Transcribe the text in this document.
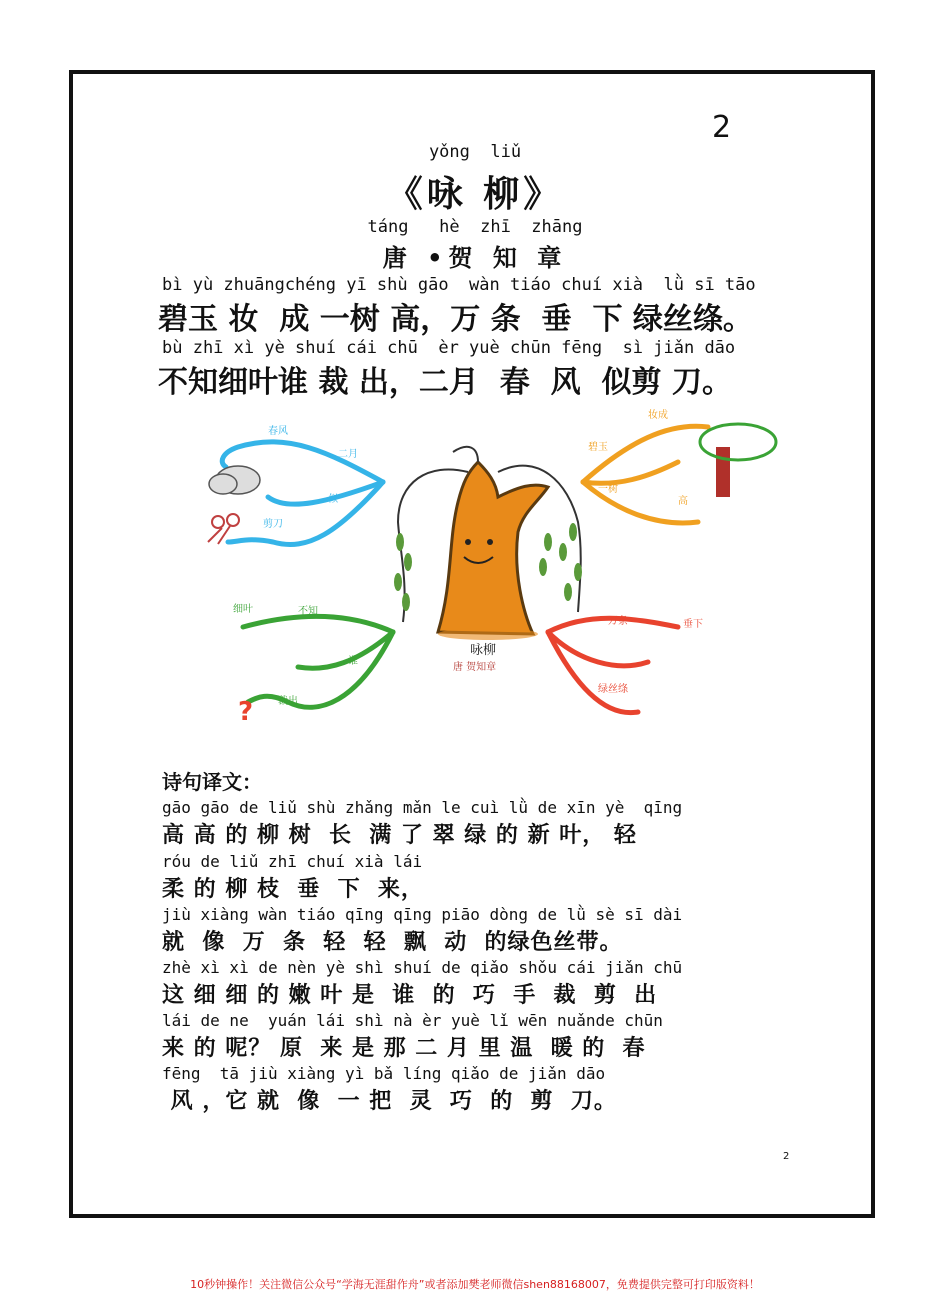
2
yǒng  liǔ
《咏 柳》
táng   hè  zhī  zhāng
唐 •贺 知 章
bì yù zhuāngchéng yī shù gāo  wàn tiáo chuí xià  lǜ sī tāo
碧玉 妆  成 一树 高，万 条  垂  下 绿丝绦。
bù zhī xì yè shuí cái chū  èr yuè chūn fēng  sì jiǎn dāo
不知细叶谁 裁 出，二月  春  风  似剪 刀。
?
春风
二月
似
剪刀
妆成
碧玉
一树
高
细叶	不知
谁
裁出
万条	垂下
绿丝绦
咏柳
唐 贺知章
诗句译文：
gāo gāo de liǔ shù zhǎng mǎn le cuì lǜ de xīn yè  qīng
高 高 的 柳 树  长  满 了 翠 绿 的 新 叶， 轻
róu de liǔ zhī chuí xià lái
柔 的 柳 枝  垂  下  来，
jiù xiàng wàn tiáo qīng qīng piāo dòng de lǜ sè sī dài
就  像  万  条  轻  轻  飘  动  的绿色丝带。
zhè xì xì de nèn yè shì shuí de qiǎo shǒu cái jiǎn chū
这 细 细 的 嫩 叶 是  谁  的  巧  手  裁  剪  出
lái de ne  yuán lái shì nà èr yuè lǐ wēn nuǎnde chūn
来 的 呢？ 原  来 是 那 二 月 里 温  暖 的  春
fēng  tā jiù xiàng yì bǎ líng qiǎo de jiǎn dāo
风 ，它 就  像  一 把  灵  巧  的  剪  刀。
2
10秒钟操作！关注微信公众号“学海无涯甜作舟”或者添加樊老师微信shen88168007，免费提供完整可打印版资料！
